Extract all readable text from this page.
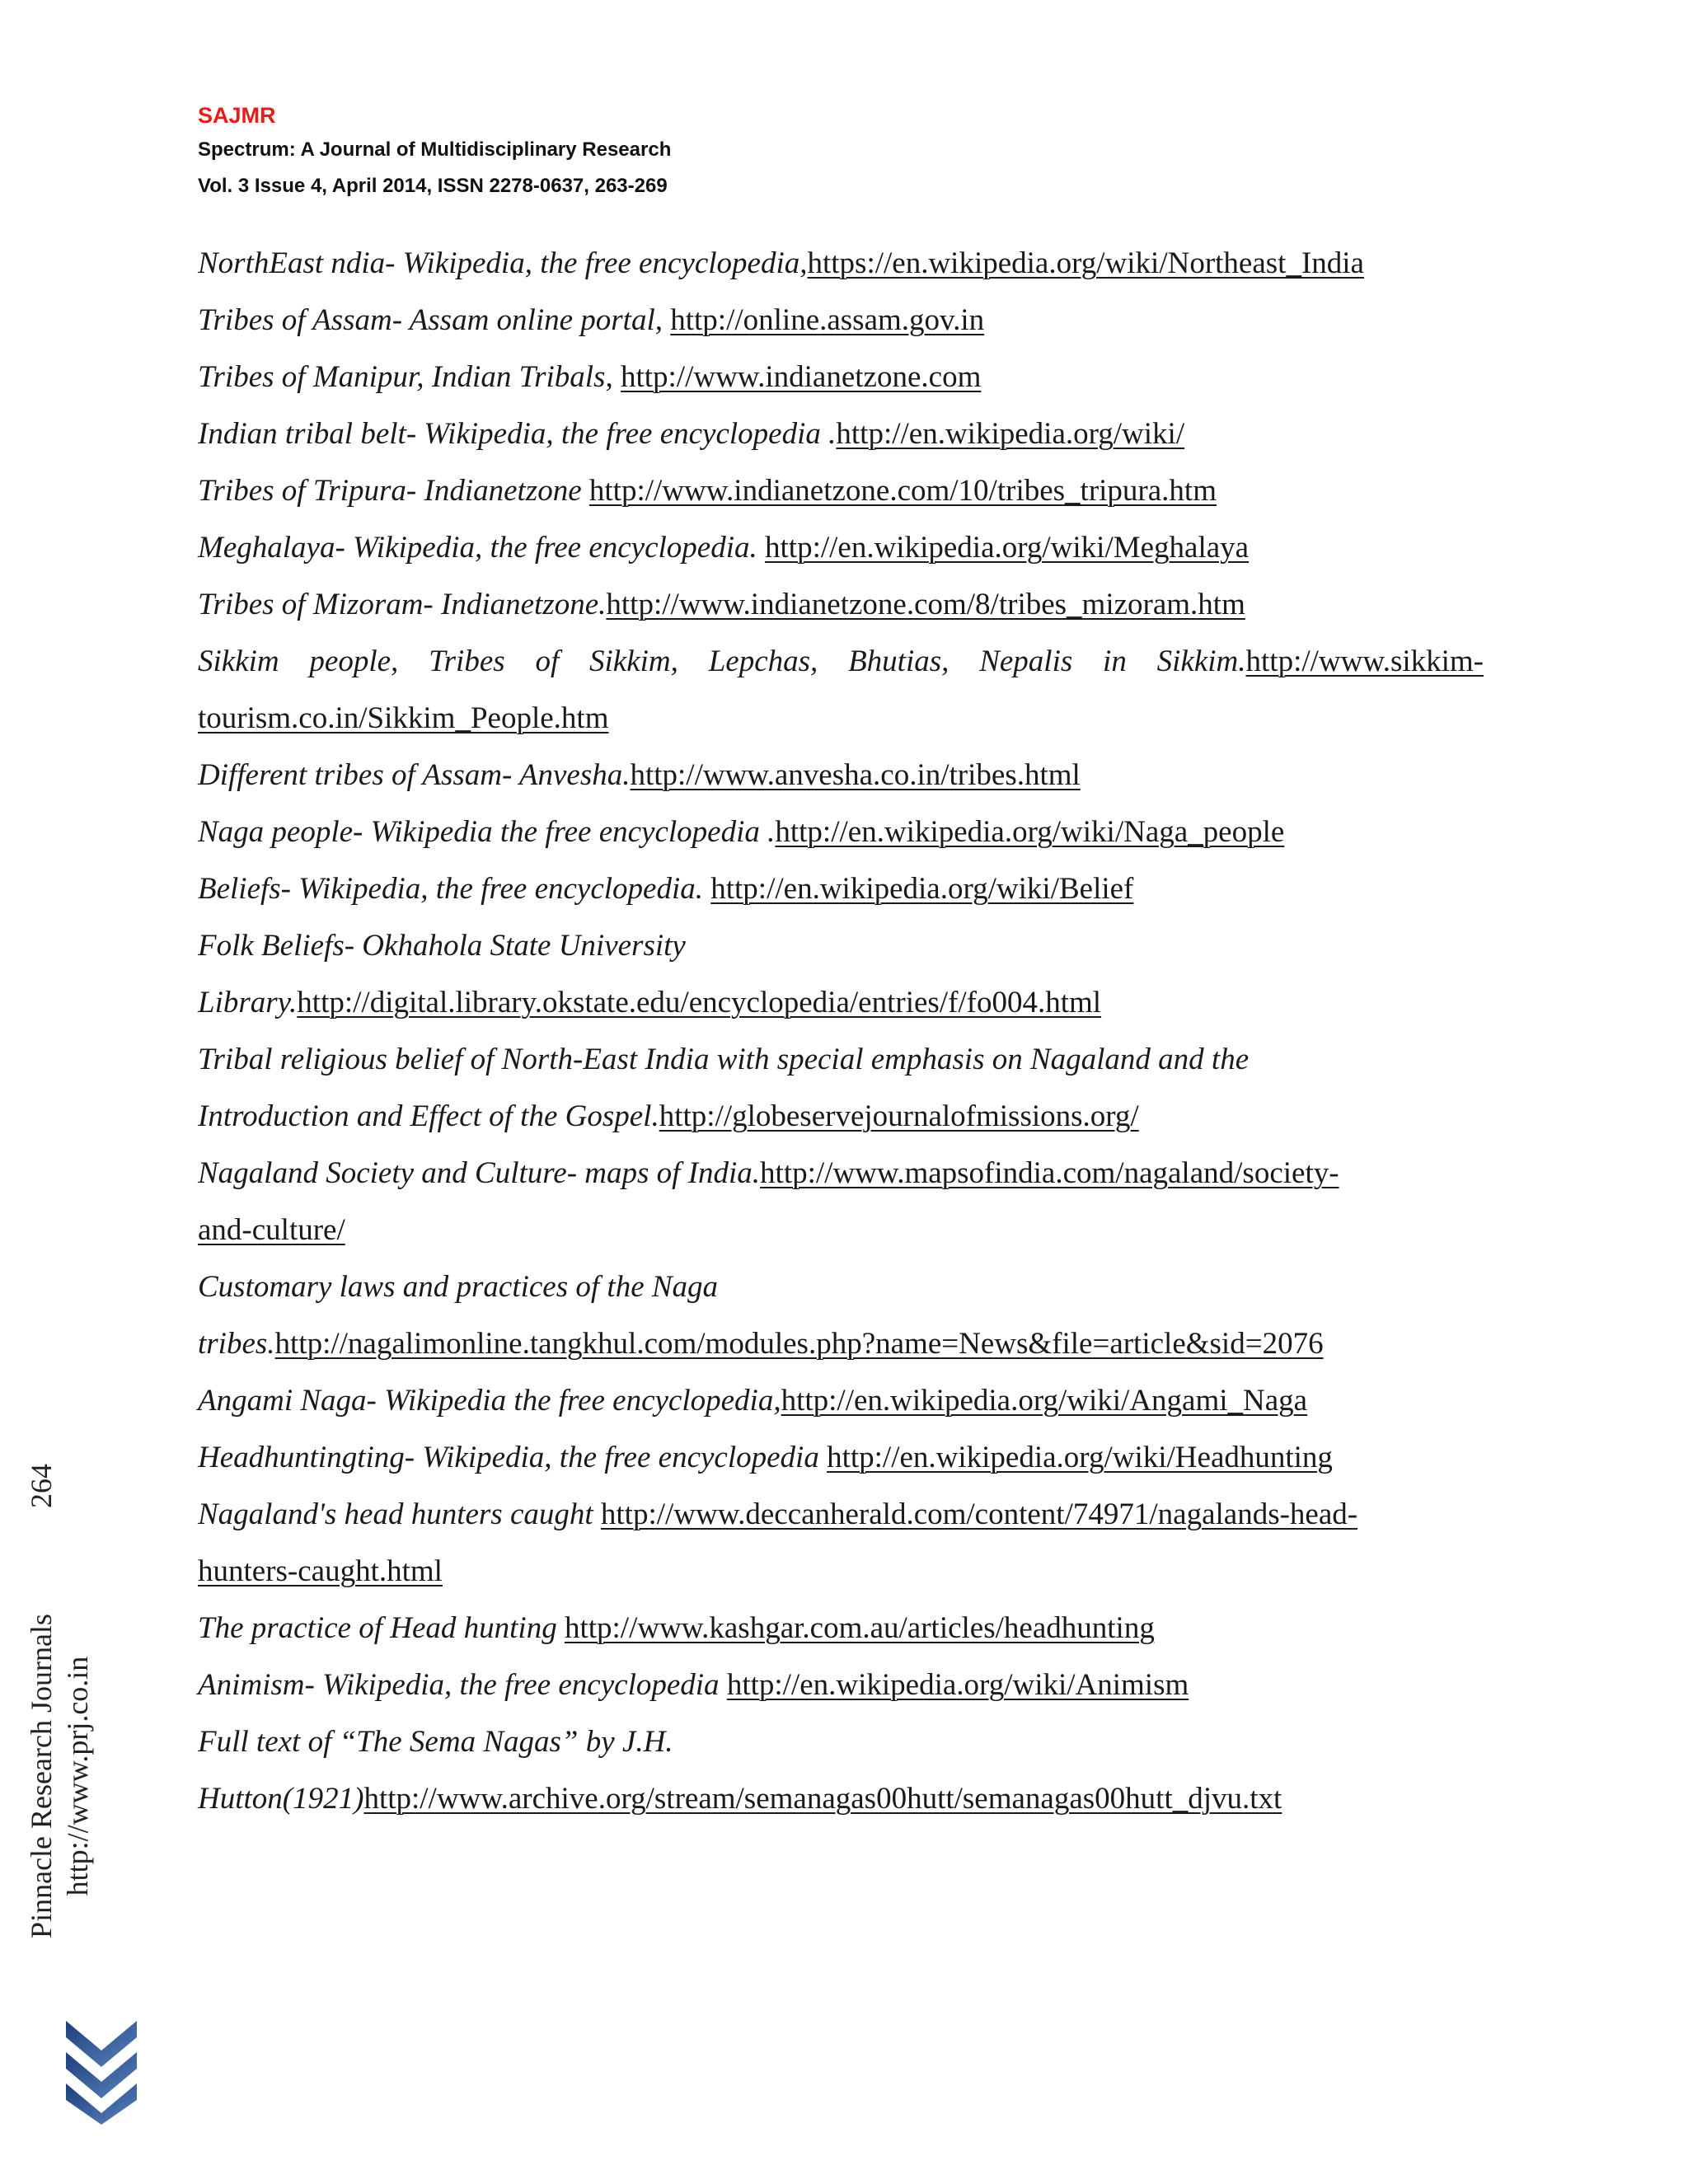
SAJMR
Spectrum: A Journal of Multidisciplinary Research
Vol. 3 Issue 4, April 2014, ISSN 2278-0637, 263-269
NorthEast ndia- Wikipedia, the free encyclopedia,https://en.wikipedia.org/wiki/Northeast_India
Tribes of Assam- Assam online portal, http://online.assam.gov.in
Tribes of Manipur, Indian Tribals, http://www.indianetzone.com
Indian tribal belt- Wikipedia, the free encyclopedia .http://en.wikipedia.org/wiki/
Tribes of Tripura- Indianetzone http://www.indianetzone.com/10/tribes_tripura.htm
Meghalaya- Wikipedia, the free encyclopedia. http://en.wikipedia.org/wiki/Meghalaya
Tribes of Mizoram- Indianetzone.http://www.indianetzone.com/8/tribes_mizoram.htm
Sikkim people, Tribes of Sikkim, Lepchas, Bhutias, Nepalis in Sikkim.http://www.sikkim-
tourism.co.in/Sikkim_People.htm
Different tribes of Assam- Anvesha.http://www.anvesha.co.in/tribes.html
Naga people- Wikipedia the free encyclopedia .http://en.wikipedia.org/wiki/Naga_people
Beliefs- Wikipedia, the free encyclopedia. http://en.wikipedia.org/wiki/Belief
Folk Beliefs- Okhahola State University
Library.http://digital.library.okstate.edu/encyclopedia/entries/f/fo004.html
Tribal religious belief of North-East India with special emphasis on Nagaland and the
Introduction and Effect of the Gospel.http://globeservejournalofmissions.org/
Nagaland Society and Culture- maps of India.http://www.mapsofindia.com/nagaland/society-
and-culture/
Customary laws and practices of the Naga
tribes.http://nagalimonline.tangkhul.com/modules.php?name=News&file=article&sid=2076
Angami Naga- Wikipedia the free encyclopedia,http://en.wikipedia.org/wiki/Angami_Naga
Headhuntingting- Wikipedia, the free encyclopedia http://en.wikipedia.org/wiki/Headhunting
Nagaland's head hunters caught http://www.deccanherald.com/content/74971/nagalands-head-
hunters-caught.html
The practice of Head hunting http://www.kashgar.com.au/articles/headhunting
Animism- Wikipedia, the free encyclopedia http://en.wikipedia.org/wiki/Animism
Full text of “The Sema Nagas” by J.H.
Hutton(1921)http://www.archive.org/stream/semanagas00hutt/semanagas00hutt_djvu.txt
Pinnacle Research Journals http://www.prj.co.in
264
